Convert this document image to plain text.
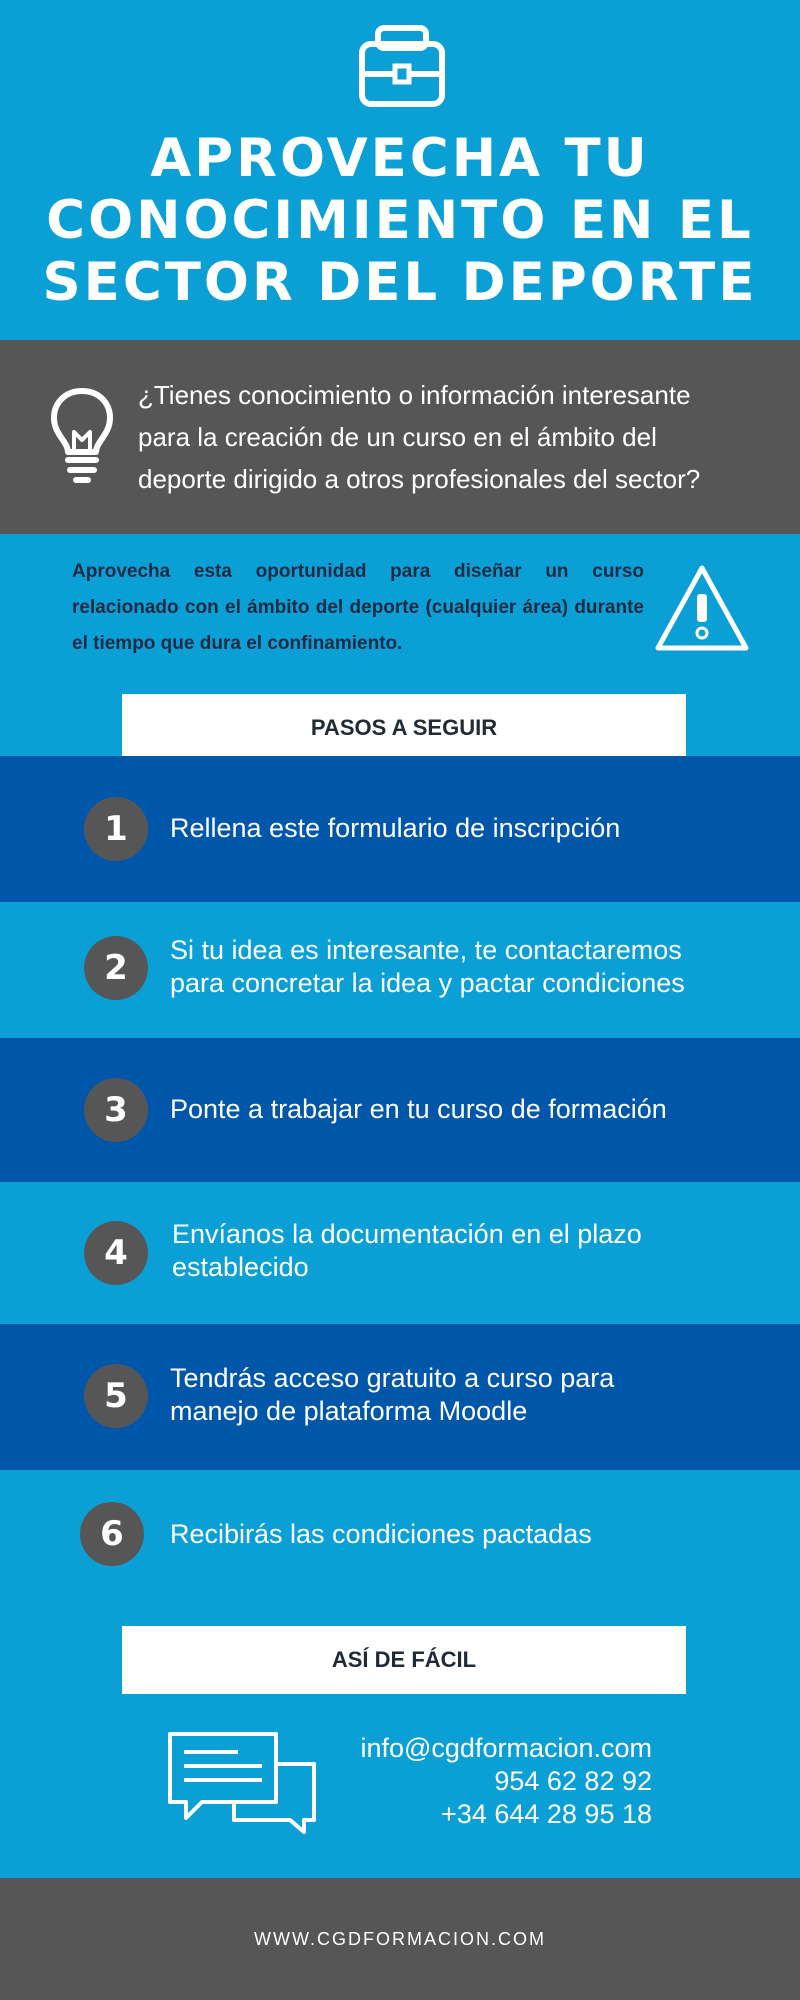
APROVECHA TU
CONOCIMIENTO EN EL
SECTOR DEL DEPORTE
¿Tienes conocimiento o información interesante
para la creación de un curso en el ámbito del
deporte dirigido a otros profesionales del sector?
Aprovecha esta oportunidad para diseñar un curso relacionado con el ámbito del deporte (cualquier área) durante el tiempo que dura el confinamiento.
PASOS A SEGUIR
1	Rellena este formulario de inscripción
2	Si tu idea es interesante, te contactaremos
para concretar la idea y pactar condiciones
3	Ponte a trabajar en tu curso de formación
4	Envíanos la documentación en el plazo
establecido
5	Tendrás acceso gratuito a curso para
manejo de plataforma Moodle
6	Recibirás las condiciones pactadas
ASÍ DE FÁCIL
info@cgdformacion.com
954 62 82 92
+34 644 28 95 18
WWW.CGDFORMACION.COM
